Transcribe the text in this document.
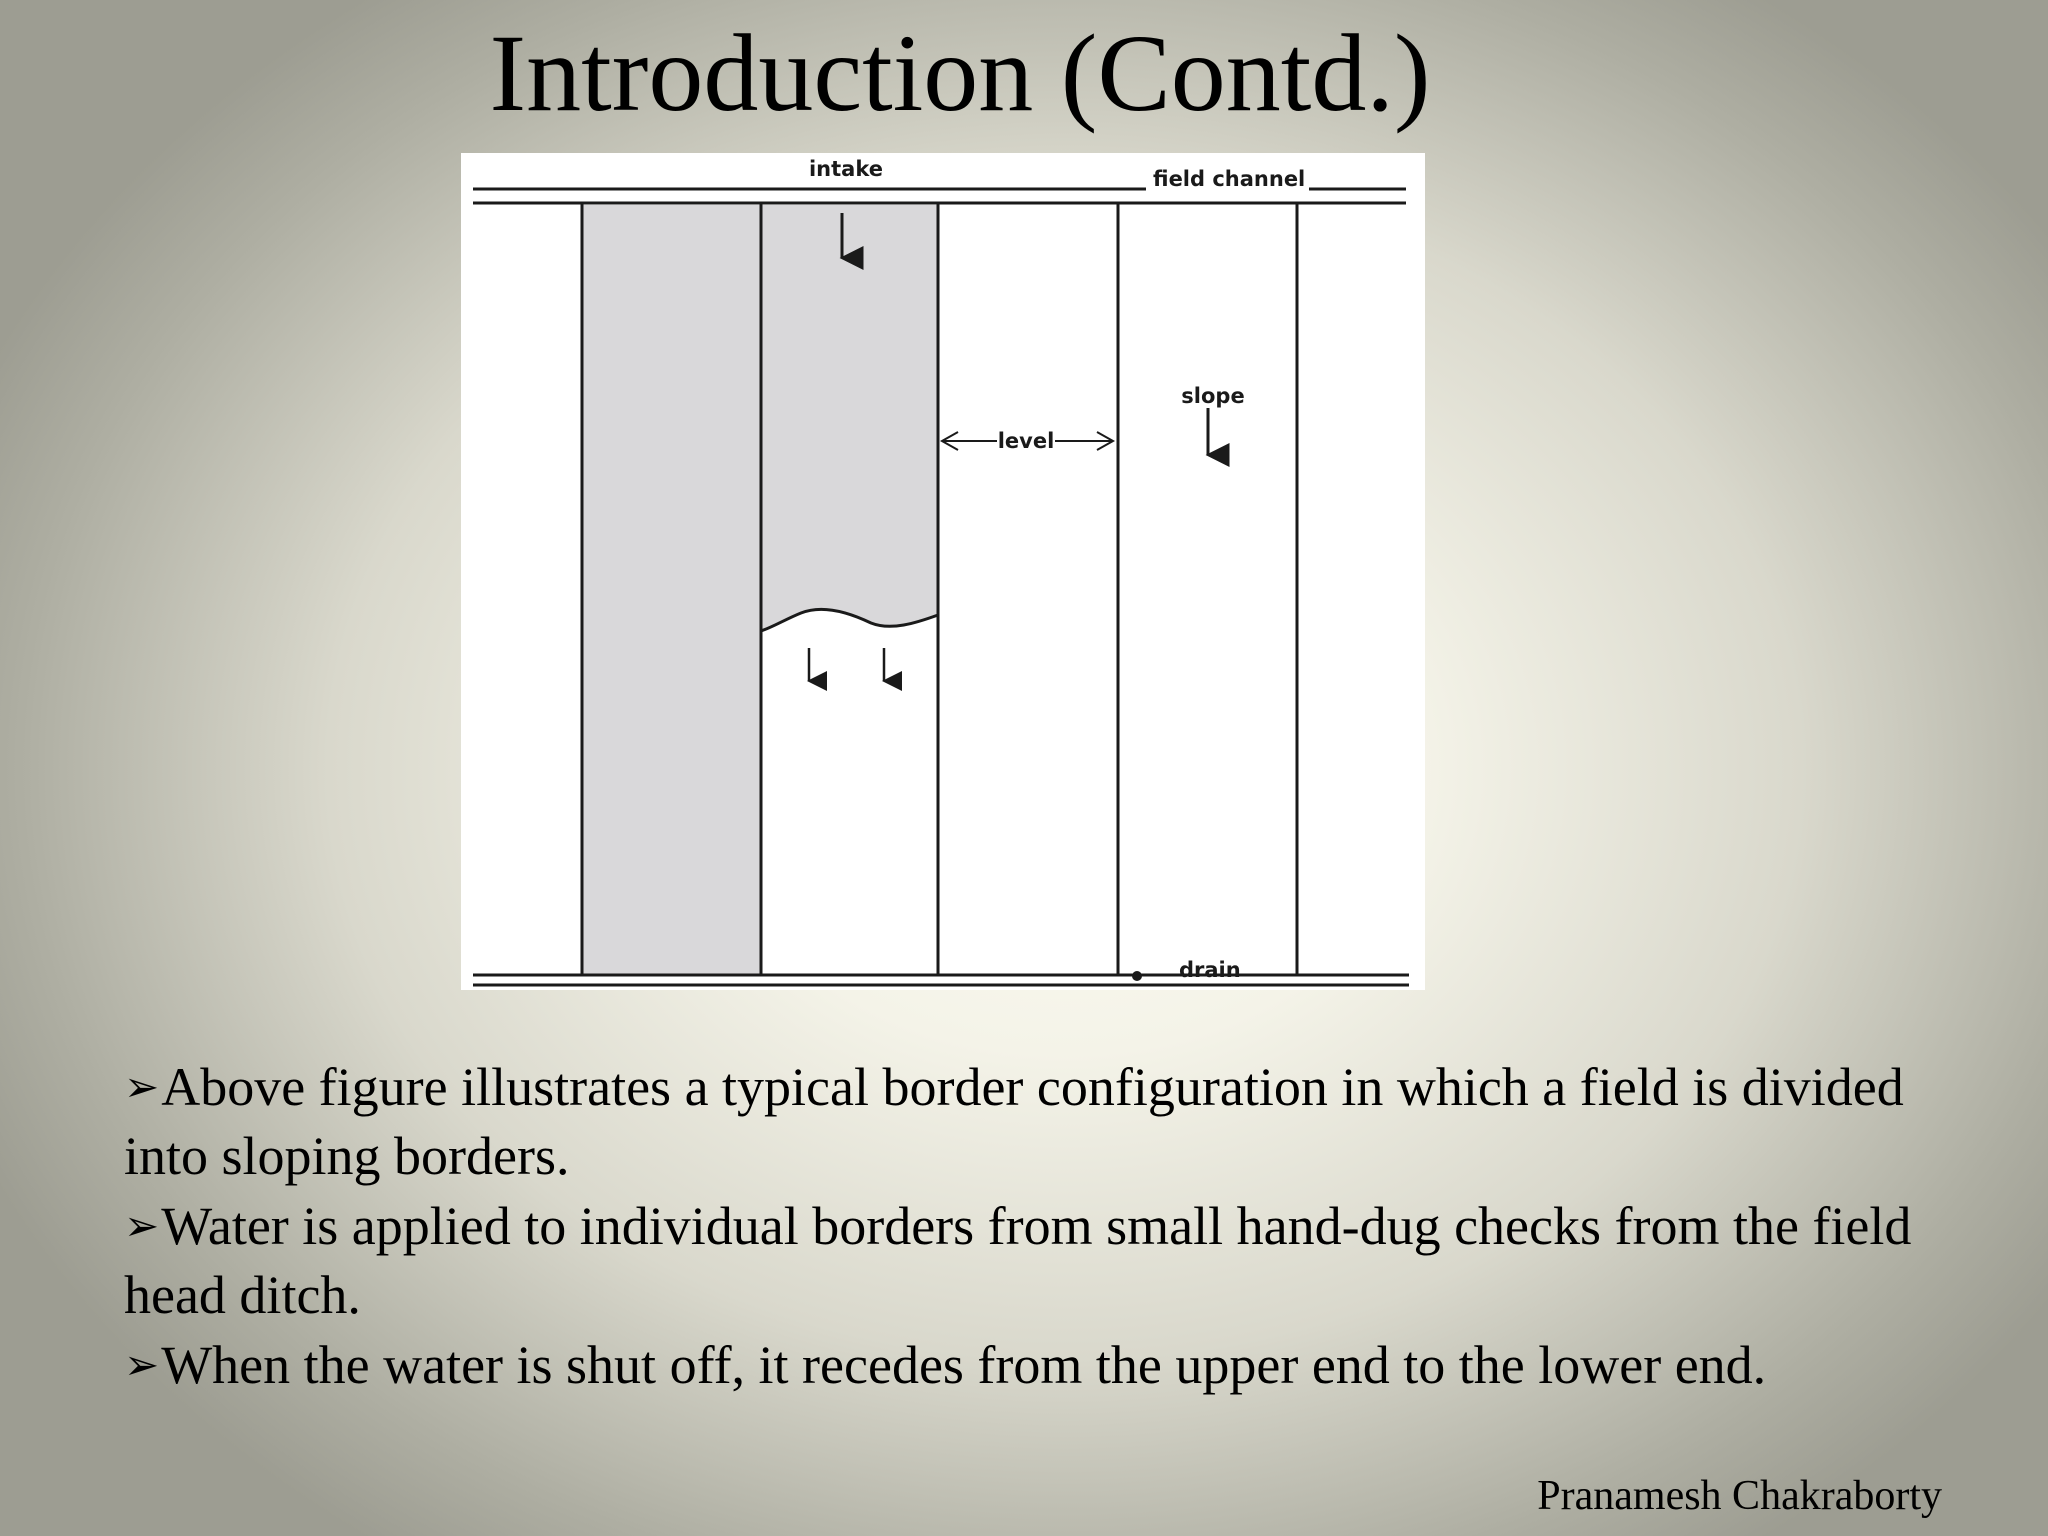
Introduction (Contd.)
intake	field channel
level
slope
drain

➢Above figure illustrates a typical border configuration in which a field is divided into sloping borders.

➢Water is applied to individual borders from small hand-dug checks from the field head ditch.

➢When the water is shut off, it recedes from the upper end to the lower end.

Pranamesh Chakraborty
